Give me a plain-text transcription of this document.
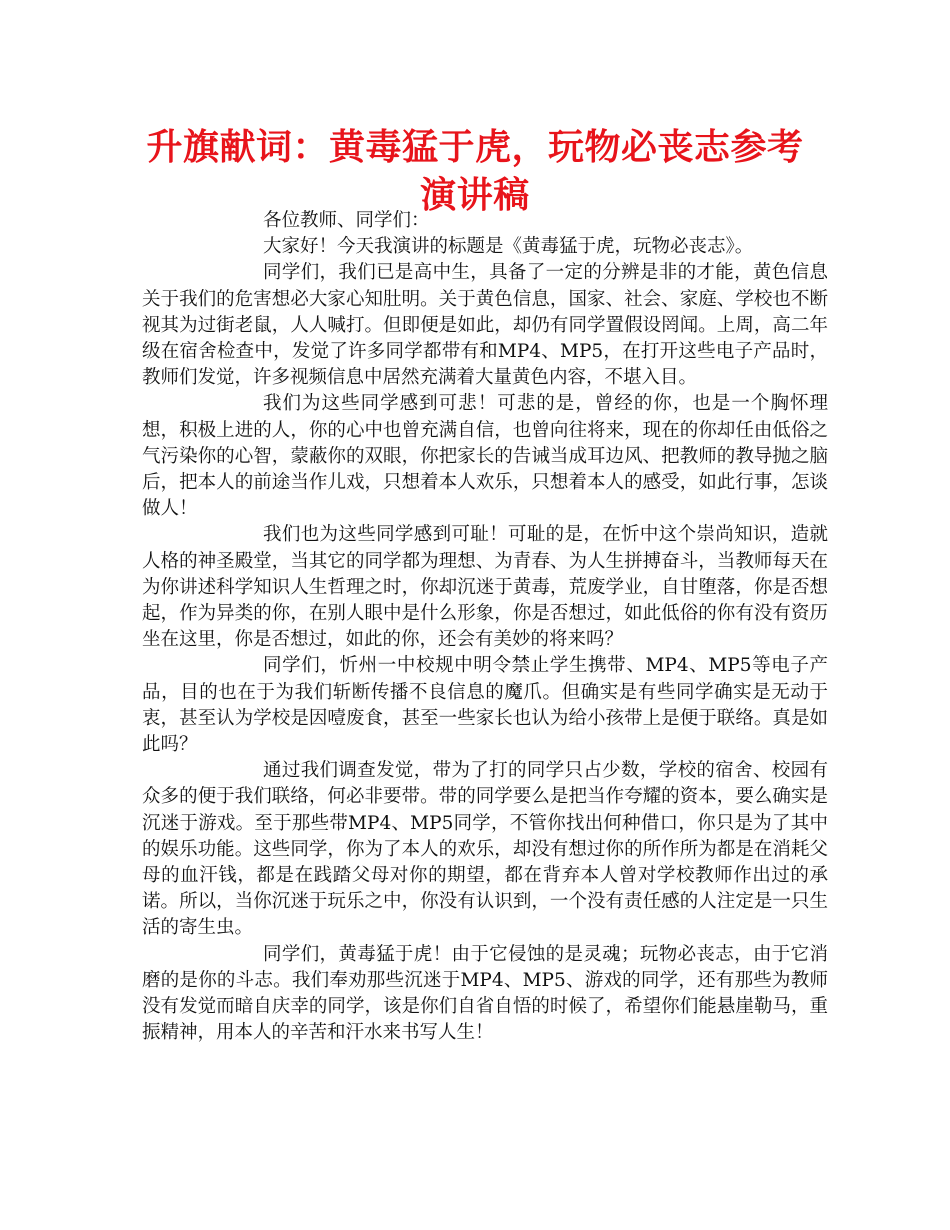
升旗献词：黄毒猛于虎，玩物必丧志参考
演讲稿

各位教师、同学们：

大家好！今天我演讲的标题是《黄毒猛于虎，玩物必丧志》。

同学们，我们已是高中生，具备了一定的分辨是非的才能，黄色信息关于我们的危害想必大家心知肚明。关于黄色信息，国家、社会、家庭、学校也不断视其为过街老鼠，人人喊打。但即便是如此，却仍有同学置假设罔闻。上周，高二年级在宿舍检查中，发觉了许多同学都带有和MP4、MP5，在打开这些电子产品时，教师们发觉，许多视频信息中居然充满着大量黄色内容，不堪入目。

我们为这些同学感到可悲！可悲的是，曾经的你，也是一个胸怀理想，积极上进的人，你的心中也曾充满自信，也曾向往将来，现在的你却任由低俗之气污染你的心智，蒙蔽你的双眼，你把家长的告诫当成耳边风、把教师的教导抛之脑后，把本人的前途当作儿戏，只想着本人欢乐，只想着本人的感受，如此行事，怎谈做人！

我们也为这些同学感到可耻！可耻的是，在忻中这个崇尚知识，造就人格的神圣殿堂，当其它的同学都为理想、为青春、为人生拼搏奋斗，当教师每天在为你讲述科学知识人生哲理之时，你却沉迷于黄毒，荒废学业，自甘堕落，你是否想起，作为异类的你，在别人眼中是什么形象，你是否想过，如此低俗的你有没有资历坐在这里，你是否想过，如此的你，还会有美妙的将来吗？

同学们，忻州一中校规中明令禁止学生携带、MP4、MP5等电子产品，目的也在于为我们斩断传播不良信息的魔爪。但确实是有些同学确实是无动于衷，甚至认为学校是因噎废食，甚至一些家长也认为给小孩带上是便于联络。真是如此吗？

通过我们调查发觉，带为了打的同学只占少数，学校的宿舍、校园有众多的便于我们联络，何必非要带。带的同学要么是把当作夸耀的资本，要么确实是沉迷于游戏。至于那些带MP4、MP5同学，不管你找出何种借口，你只是为了其中的娱乐功能。这些同学，你为了本人的欢乐，却没有想过你的所作所为都是在消耗父母的血汗钱，都是在践踏父母对你的期望，都在背弃本人曾对学校教师作出过的承诺。所以，当你沉迷于玩乐之中，你没有认识到，一个没有责任感的人注定是一只生活的寄生虫。

同学们，黄毒猛于虎！由于它侵蚀的是灵魂；玩物必丧志，由于它消磨的是你的斗志。我们奉劝那些沉迷于MP4、MP5、游戏的同学，还有那些为教师没有发觉而暗自庆幸的同学，该是你们自省自悟的时候了，希望你们能悬崖勒马，重振精神，用本人的辛苦和汗水来书写人生！
